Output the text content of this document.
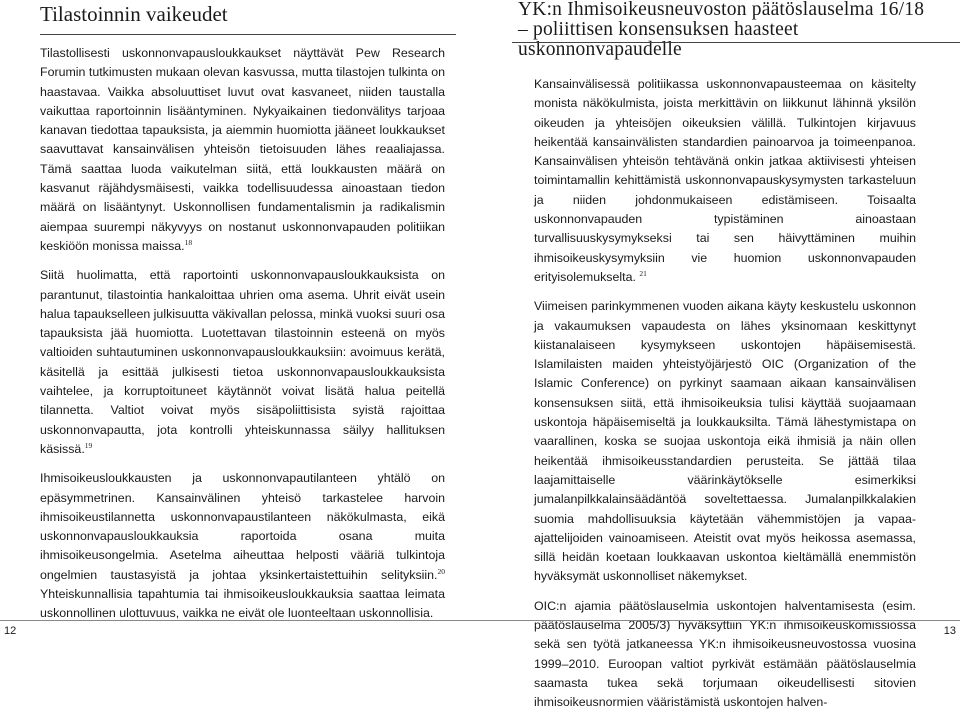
Tilastoinnin vaikeudet

Tilastollisesti uskonnonvapausloukkaukset näyttävät Pew Research Forumin tutkimusten mukaan olevan kasvussa, mutta tilastojen tulkinta on haastavaa. Vaikka absoluuttiset luvut ovat kasvaneet, niiden taustalla vaikuttaa raportoinnin lisääntyminen. Nykyaikainen tiedonvälitys tarjoaa kanavan tiedottaa tapauksista, ja aiemmin huomiotta jääneet loukkaukset saavuttavat kansainvälisen yhteisön tietoisuuden lähes reaaliajassa. Tämä saattaa luoda vaikutelman siitä, että loukkausten määrä on kasvanut räjähdysmäisesti, vaikka todellisuudessa ainoastaan tiedon määrä on lisääntynyt. Uskonnollisen fundamentalismin ja radikalismin aiempaa suurempi näkyvyys on nostanut uskonnonvapauden politiikan keskiöön monissa maissa.$^{18}$

Siitä huolimatta, että raportointi uskonnonvapausloukkauksista on parantunut, tilastointia hankaloittaa uhrien oma asema. Uhrit eivät usein halua tapaukselleen julkisuutta väkivallan pelossa, minkä vuoksi suuri osa tapauksista jää huomiotta. Luotettavan tilastoinnin esteenä on myös valtioiden suhtautuminen uskonnonvapausloukkauksiin: avoimuus kerätä, käsitellä ja esittää julkisesti tietoa uskonnonvapausloukkauksista vaihtelee, ja korruptoituneet käytännöt voivat lisätä halua peitellä tilannetta. Valtiot voivat myös sisäpoliittisista syistä rajoittaa uskonnonvapautta, jota kontrolli yhteiskunnassa säilyy hallituksen käsissä.$^{19}$

Ihmisoikeusloukkausten ja uskonnonvapautilanteen yhtälö on epäsymmetrinen. Kansainvälinen yhteisö tarkastelee harvoin ihmisoikeustilannetta uskonnonvapaustilanteen näkökulmasta, eikä uskonnonvapausloukkauksia raportoida osana muita ihmisoikeusongelmia. Asetelma aiheuttaa helposti vääriä tulkintoja ongelmien taustasyistä ja johtaa yksinkertaistettuihin selityksiin.$^{20}$ Yhteiskunnallisia tapahtumia tai ihmisoikeusloukkauksia saattaa leimata uskonnollinen ulottuvuus, vaikka ne eivät ole luonteeltaan uskonnollisia.

12
YK:n Ihmisoikeusneuvoston päätöslauselma 16/18 – poliittisen konsensuksen haasteet uskonnonvapaudelle

Kansainvälisessä politiikassa uskonnonvapausteemaa on käsitelty monista näkökulmista, joista merkittävin on liikkunut lähinnä yksilön oikeuden ja yhteisöjen oikeuksien välillä. Tulkintojen kirjavuus heikentää kansainvälisten standardien painoarvoa ja toimeenpanoa. Kansainvälisen yhteisön tehtävänä onkin jatkaa aktiivisesti yhteisen toimintamallin kehittämistä uskonnonvapauskysymysten tarkasteluun ja niiden johdonmukaiseen edistämiseen. Toisaalta uskonnonvapauden typistäminen ainoastaan turvallisuuskysymykseksi tai sen häivyttäminen muihin ihmisoikeuskysymyksiin vie huomion uskonnonvapauden erityisolemukselta. $^{21}$

Viimeisen parinkymmenen vuoden aikana käyty keskustelu uskonnon ja vakaumuksen vapaudesta on lähes yksinomaan keskittynyt kiistanalaiseen kysymykseen uskontojen häpäisemisestä. Islamilaisten maiden yhteistyöjärjestö OIC (Organization of the Islamic Conference) on pyrkinyt saamaan aikaan kansainvälisen konsensuksen siitä, että ihmisoikeuksia tulisi käyttää suojaamaan uskontoja häpäisemiseltä ja loukkauksilta. Tämä lähestymistapa on vaarallinen, koska se suojaa uskontoja eikä ihmisiä ja näin ollen heikentää ihmisoikeusstandardien perusteita. Se jättää tilaa laajamittaiselle väärinkäytökselle esimerkiksi jumalanpilkkalainsäädäntöä soveltettaessa. Jumalanpilkkalakien suomia mahdollisuuksia käytetään vähemmistöjen ja vapaa-ajattelijoiden vainoamiseen. Ateistit ovat myös heikossa asemassa, sillä heidän koetaan loukkaavan uskontoa kieltämällä enemmistön hyväksymät uskonnolliset näkemykset.

OIC:n ajamia päätöslauselmia uskontojen halventamisesta (esim. päätöslauselma 2005/3) hyväksyttiin YK:n ihmisoikeuskomissiossa sekä sen työtä jatkaneessa YK:n ihmisoikeusneuvostossa vuosina 1999–2010. Euroopan valtiot pyrkivät estämään päätöslauselmia saamasta tukea sekä torjumaan oikeudellisesti sitovien ihmisoikeusnormien vääristämistä uskontojen halven-

13
